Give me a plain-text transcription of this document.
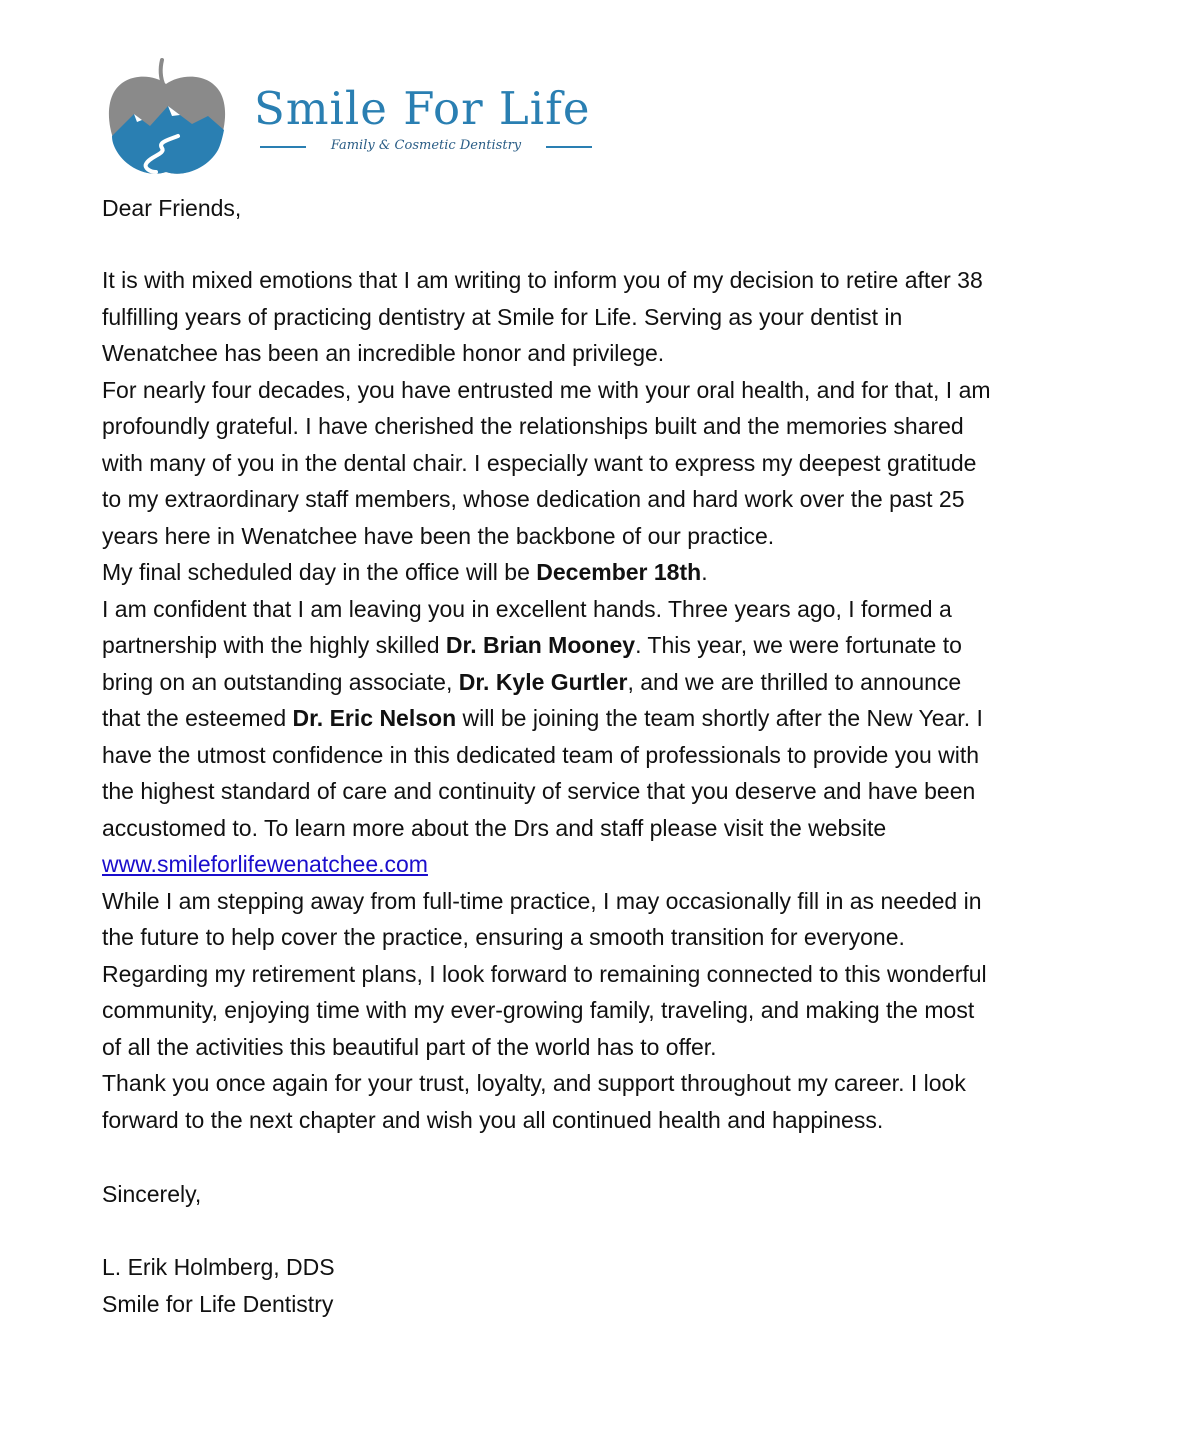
Smile For Life
Family & Cosmetic Dentistry

Dear Friends,

It is with mixed emotions that I am writing to inform you of my decision to retire after 38

fulfilling years of practicing dentistry at Smile for Life. Serving as your dentist in

Wenatchee has been an incredible honor and privilege.

For nearly four decades, you have entrusted me with your oral health, and for that, I am

profoundly grateful. I have cherished the relationships built and the memories shared

with many of you in the dental chair. I especially want to express my deepest gratitude

to my extraordinary staff members, whose dedication and hard work over the past 25

years here in Wenatchee have been the backbone of our practice.

My final scheduled day in the office will be December 18th.

I am confident that I am leaving you in excellent hands. Three years ago, I formed a

partnership with the highly skilled Dr. Brian Mooney. This year, we were fortunate to

bring on an outstanding associate, Dr. Kyle Gurtler, and we are thrilled to announce

that the esteemed Dr. Eric Nelson will be joining the team shortly after the New Year. I

have the utmost confidence in this dedicated team of professionals to provide you with

the highest standard of care and continuity of service that you deserve and have been

accustomed to. To learn more about the Drs and staff please visit the website

www.smileforlifewenatchee.com

While I am stepping away from full-time practice, I may occasionally fill in as needed in

the future to help cover the practice, ensuring a smooth transition for everyone.

Regarding my retirement plans, I look forward to remaining connected to this wonderful

community, enjoying time with my ever-growing family, traveling, and making the most

of all the activities this beautiful part of the world has to offer.

Thank you once again for your trust, loyalty, and support throughout my career. I look

forward to the next chapter and wish you all continued health and happiness.

Sincerely,

L. Erik Holmberg, DDS

Smile for Life Dentistry
